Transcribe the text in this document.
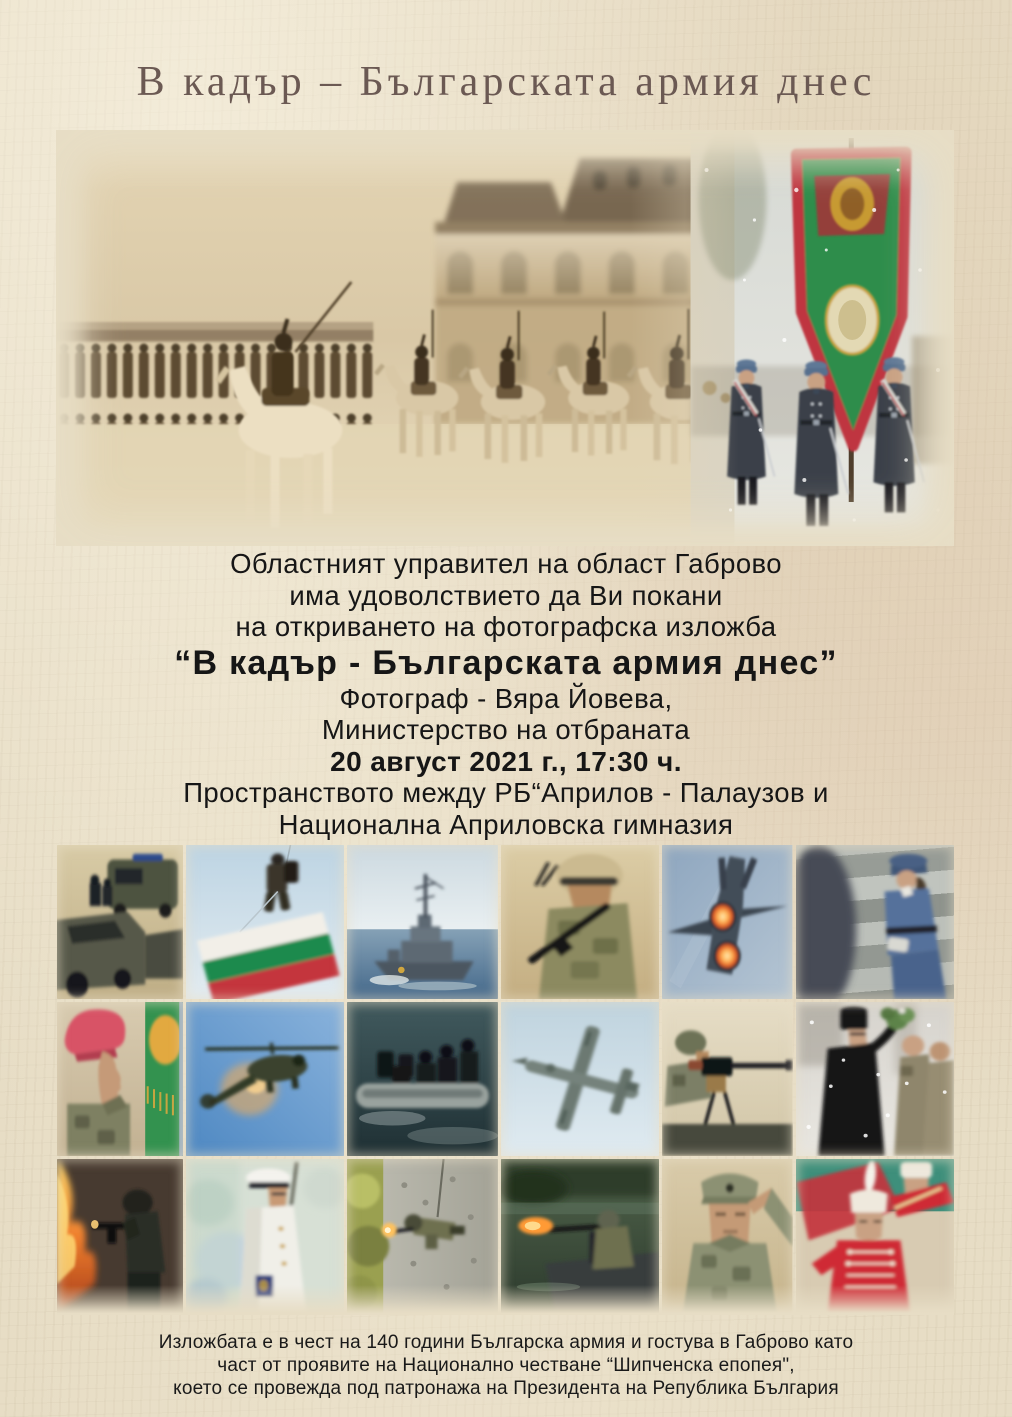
В кадър – Българската армия днес

Областният управител на област Габрово

има удоволствието да Ви покани

на откриването на фотографска изложба

“В кадър - Българската армия днес”

Фотограф - Вяра Йовева,

Министерство на отбраната

20 август 2021 г., 17:30 ч.

Пространството между РБ“Априлов - Палаузов и

Национална Априловска гимназия

Изложбата е в чест на 140 години Българска армия и гостува в Габрово като

част от проявите на Национално честване “Шипченска епопея",

което се провежда под патронажа на Президента на Република България
